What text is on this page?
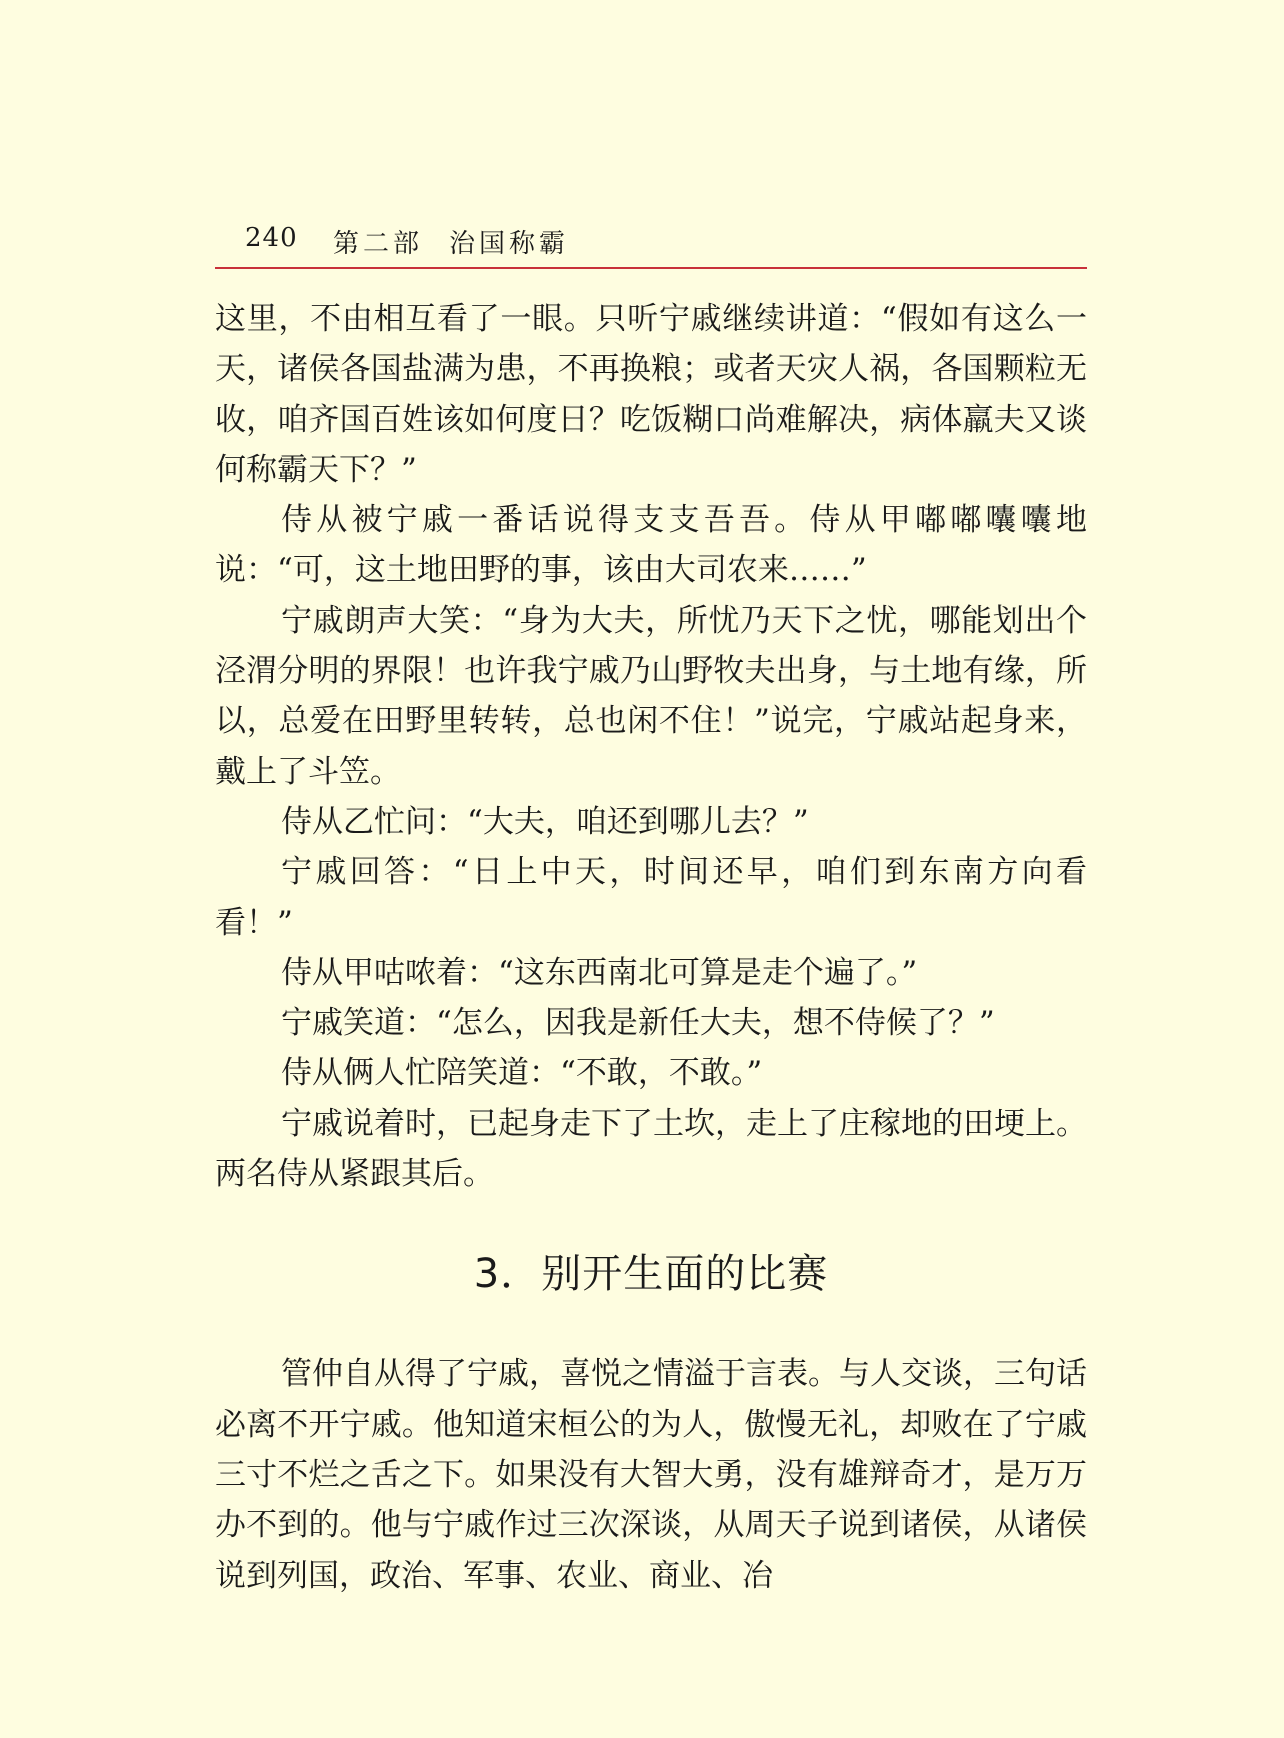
240 第二部 治国称霸

这里，不由相互看了一眼。只听宁戚继续讲道：“假如有这么一天，诸侯各国盐满为患，不再换粮；或者天灾人祸，各国颗粒无收，咱齐国百姓该如何度日？吃饭糊口尚难解决，病体羸夫又谈何称霸天下？”

侍从被宁戚一番话说得支支吾吾。侍从甲嘟嘟囔囔地说：“可，这土地田野的事，该由大司农来……”

宁戚朗声大笑：“身为大夫，所忧乃天下之忧，哪能划出个泾渭分明的界限！也许我宁戚乃山野牧夫出身，与土地有缘，所以，总爱在田野里转转，总也闲不住！”说完，宁戚站起身来，戴上了斗笠。

侍从乙忙问：“大夫，咱还到哪儿去？”

宁戚回答：“日上中天，时间还早，咱们到东南方向看看！”

侍从甲咕哝着：“这东西南北可算是走个遍了。”

宁戚笑道：“怎么，因我是新任大夫，想不侍候了？”

侍从俩人忙陪笑道：“不敢，不敢。”

宁戚说着时，已起身走下了土坎，走上了庄稼地的田埂上。两名侍从紧跟其后。

3．别开生面的比赛

管仲自从得了宁戚，喜悦之情溢于言表。与人交谈，三句话必离不开宁戚。他知道宋桓公的为人，傲慢无礼，却败在了宁戚三寸不烂之舌之下。如果没有大智大勇，没有雄辩奇才，是万万办不到的。他与宁戚作过三次深谈，从周天子说到诸侯，从诸侯说到列国，政治、军事、农业、商业、冶
